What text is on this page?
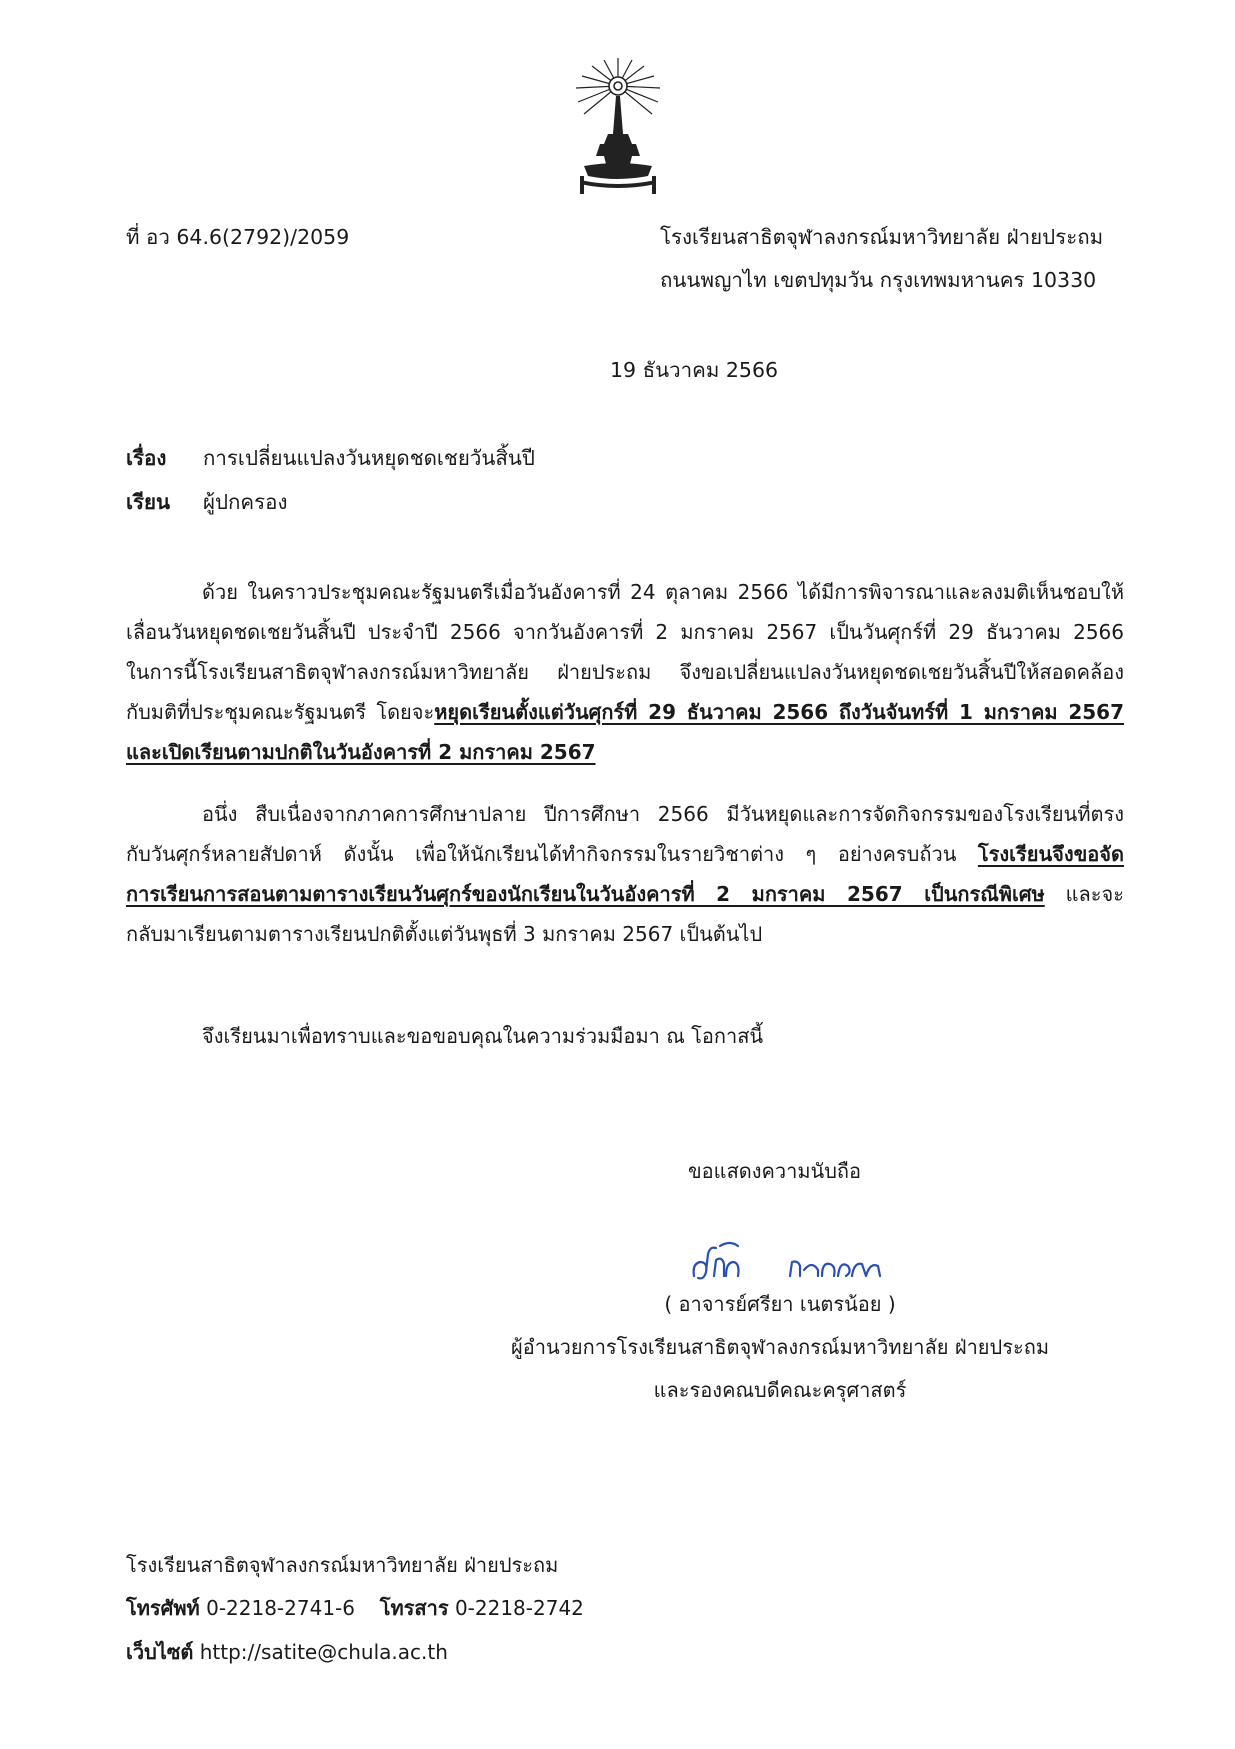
ที่ อว 64.6(2792)/2059	โรงเรียนสาธิตจุฬาลงกรณ์มหาวิทยาลัย ฝ่ายประถม
ถนนพญาไท เขตปทุมวัน กรุงเทพมหานคร 10330
19 ธันวาคม 2566
เรื่อง การเปลี่ยนแปลงวันหยุดชดเชยวันสิ้นปี
เรียน ผู้ปกครอง
ด้วย ในคราวประชุมคณะรัฐมนตรีเมื่อวันอังคารที่ 24 ตุลาคม 2566 ได้มีการพิจารณาและลงมติเห็นชอบให้
เลื่อนวันหยุดชดเชยวันสิ้นปี ประจำปี 2566 จากวันอังคารที่ 2 มกราคม 2567 เป็นวันศุกร์ที่ 29 ธันวาคม 2566
ในการนี้โรงเรียนสาธิตจุฬาลงกรณ์มหาวิทยาลัย ฝ่ายประถม จึงขอเปลี่ยนแปลงวันหยุดชดเชยวันสิ้นปีให้สอดคล้อง
กับมติที่ประชุมคณะรัฐมนตรี โดยจะหยุดเรียนตั้งแต่วันศุกร์ที่ 29 ธันวาคม 2566 ถึงวันจันทร์ที่ 1 มกราคม 2567
และเปิดเรียนตามปกติในวันอังคารที่ 2 มกราคม 2567
อนึ่ง สืบเนื่องจากภาคการศึกษาปลาย ปีการศึกษา 2566 มีวันหยุดและการจัดกิจกรรมของโรงเรียนที่ตรง
กับวันศุกร์หลายสัปดาห์ ดังนั้น เพื่อให้นักเรียนได้ทำกิจกรรมในรายวิชาต่าง ๆ อย่างครบถ้วน โรงเรียนจึงขอจัด
การเรียนการสอนตามตารางเรียนวันศุกร์ของนักเรียนในวันอังคารที่ 2 มกราคม 2567 เป็นกรณีพิเศษ และจะ
กลับมาเรียนตามตารางเรียนปกติตั้งแต่วันพุธที่ 3 มกราคม 2567 เป็นต้นไป
จึงเรียนมาเพื่อทราบและขอขอบคุณในความร่วมมือมา ณ โอกาสนี้
ขอแสดงความนับถือ
( อาจารย์ศรียา เนตรน้อย )
ผู้อำนวยการโรงเรียนสาธิตจุฬาลงกรณ์มหาวิทยาลัย ฝ่ายประถม
และรองคณบดีคณะครุศาสตร์
โรงเรียนสาธิตจุฬาลงกรณ์มหาวิทยาลัย ฝ่ายประถม
โทรศัพท์ 0-2218-2741-6 โทรสาร 0-2218-2742
เว็บไซต์ http://satite@chula.ac.th
